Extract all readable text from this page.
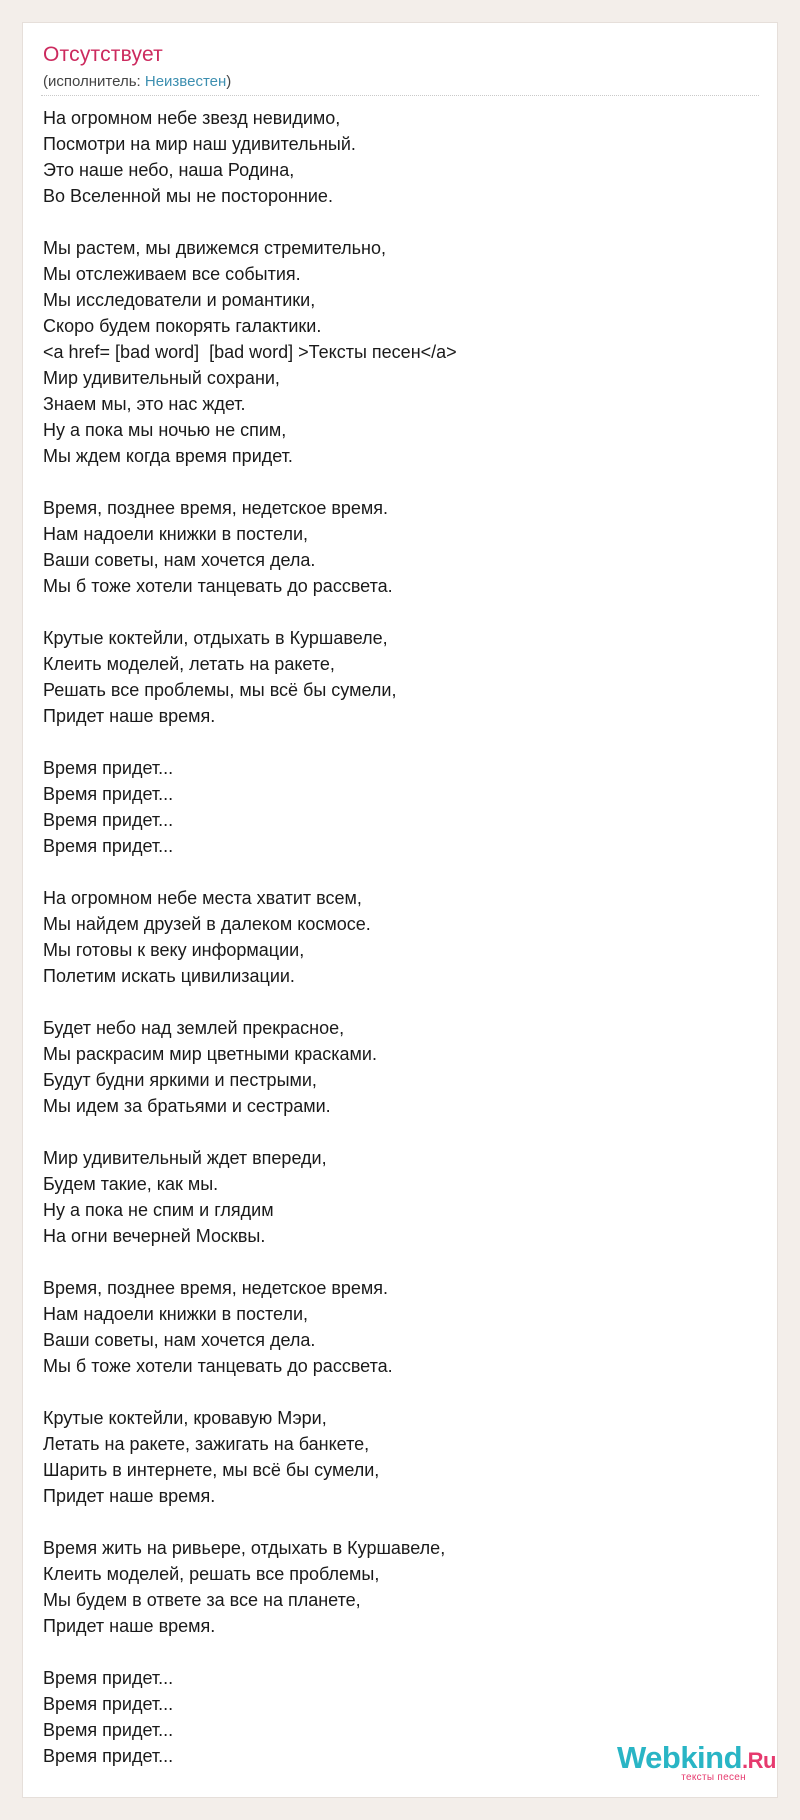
Отсутствует
(исполнитель: Неизвестен)
На огромном небе звезд невидимо,
Посмотри на мир наш удивительный.
Это наше небо, наша Родина,
Во Вселенной мы не посторонние.
Мы растем, мы движемся стремительно,
Мы отслеживаем все события.
Мы исследователи и романтики,
Скоро будем покорять галактики.
<a href= [bad word]  [bad word] >Тексты песен</a>
Мир удивительный сохрани,
Знаем мы, это нас ждет.
Ну а пока мы ночью не спим,
Мы ждем когда время придет.
Время, позднее время, недетское время.
Нам надоели книжки в постели,
Ваши советы, нам хочется дела.
Мы б тоже хотели танцевать до рассвета.
Крутые коктейли, отдыхать в Куршавеле,
Клеить моделей, летать на ракете,
Решать все проблемы, мы всё бы сумели,
Придет наше время.
Время придет...
Время придет...
Время придет...
Время придет...
На огромном небе места хватит всем,
Мы найдем друзей в далеком космосе.
Мы готовы к веку информации,
Полетим искать цивилизации.
Будет небо над землей прекрасное,
Мы раскрасим мир цветными красками.
Будут будни яркими и пестрыми,
Мы идем за братьями и сестрами.
Мир удивительный ждет впереди,
Будем такие, как мы.
Ну а пока не спим и глядим
На огни вечерней Москвы.
Время, позднее время, недетское время.
Нам надоели книжки в постели,
Ваши советы, нам хочется дела.
Мы б тоже хотели танцевать до рассвета.
Крутые коктейли, кровавую Мэри,
Летать на ракете, зажигать на банкете,
Шарить в интернете, мы всё бы сумели,
Придет наше время.
Время жить на ривьере, отдыхать в Куршавеле,
Клеить моделей, решать все проблемы,
Мы будем в ответе за все на планете,
Придет наше время.
Время придет...
Время придет...
Время придет...
Время придет...	Webkind.Ru
тексты песен
